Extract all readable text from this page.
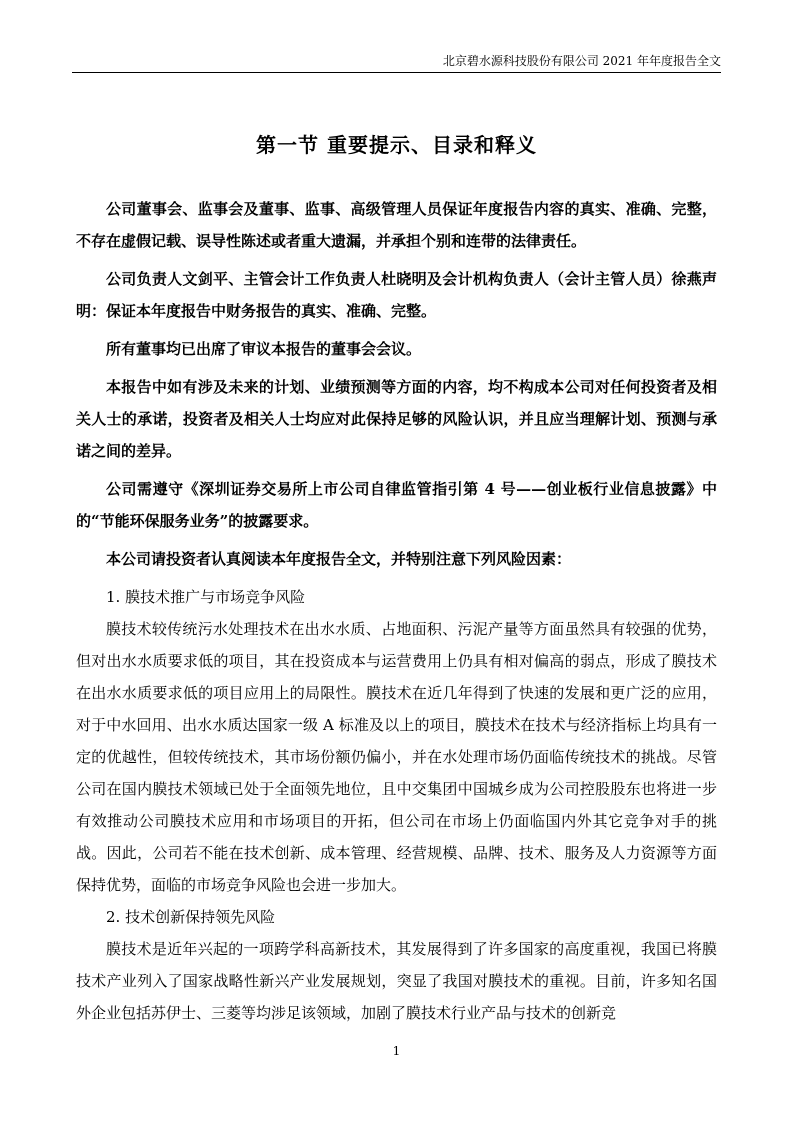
北京碧水源科技股份有限公司 2021 年年度报告全文
第一节 重要提示、目录和释义

公司董事会、监事会及董事、监事、高级管理人员保证年度报告内容的真实、准确、完整，不存在虚假记载、误导性陈述或者重大遗漏，并承担个别和连带的法律责任。

公司负责人文剑平、主管会计工作负责人杜晓明及会计机构负责人（会计主管人员）徐燕声明：保证本年度报告中财务报告的真实、准确、完整。

所有董事均已出席了审议本报告的董事会会议。

本报告中如有涉及未来的计划、业绩预测等方面的内容，均不构成本公司对任何投资者及相关人士的承诺，投资者及相关人士均应对此保持足够的风险认识，并且应当理解计划、预测与承诺之间的差异。

公司需遵守《深圳证券交易所上市公司自律监管指引第 4 号——创业板行业信息披露》中的“节能环保服务业务”的披露要求。

本公司请投资者认真阅读本年度报告全文，并特别注意下列风险因素：

1. 膜技术推广与市场竞争风险

膜技术较传统污水处理技术在出水水质、占地面积、污泥产量等方面虽然具有较强的优势，但对出水水质要求低的项目，其在投资成本与运营费用上仍具有相对偏高的弱点，形成了膜技术在出水水质要求低的项目应用上的局限性。膜技术在近几年得到了快速的发展和更广泛的应用，对于中水回用、出水水质达国家一级 A 标准及以上的项目，膜技术在技术与经济指标上均具有一定的优越性，但较传统技术，其市场份额仍偏小，并在水处理市场仍面临传统技术的挑战。尽管公司在国内膜技术领域已处于全面领先地位，且中交集团中国城乡成为公司控股股东也将进一步有效推动公司膜技术应用和市场项目的开拓，但公司在市场上仍面临国内外其它竞争对手的挑战。因此，公司若不能在技术创新、成本管理、经营规模、品牌、技术、服务及人力资源等方面保持优势，面临的市场竞争风险也会进一步加大。

2. 技术创新保持领先风险

膜技术是近年兴起的一项跨学科高新技术，其发展得到了许多国家的高度重视，我国已将膜技术产业列入了国家战略性新兴产业发展规划，突显了我国对膜技术的重视。目前，许多知名国外企业包括苏伊士、三菱等均涉足该领域，加剧了膜技术行业产品与技术的创新竞

1
